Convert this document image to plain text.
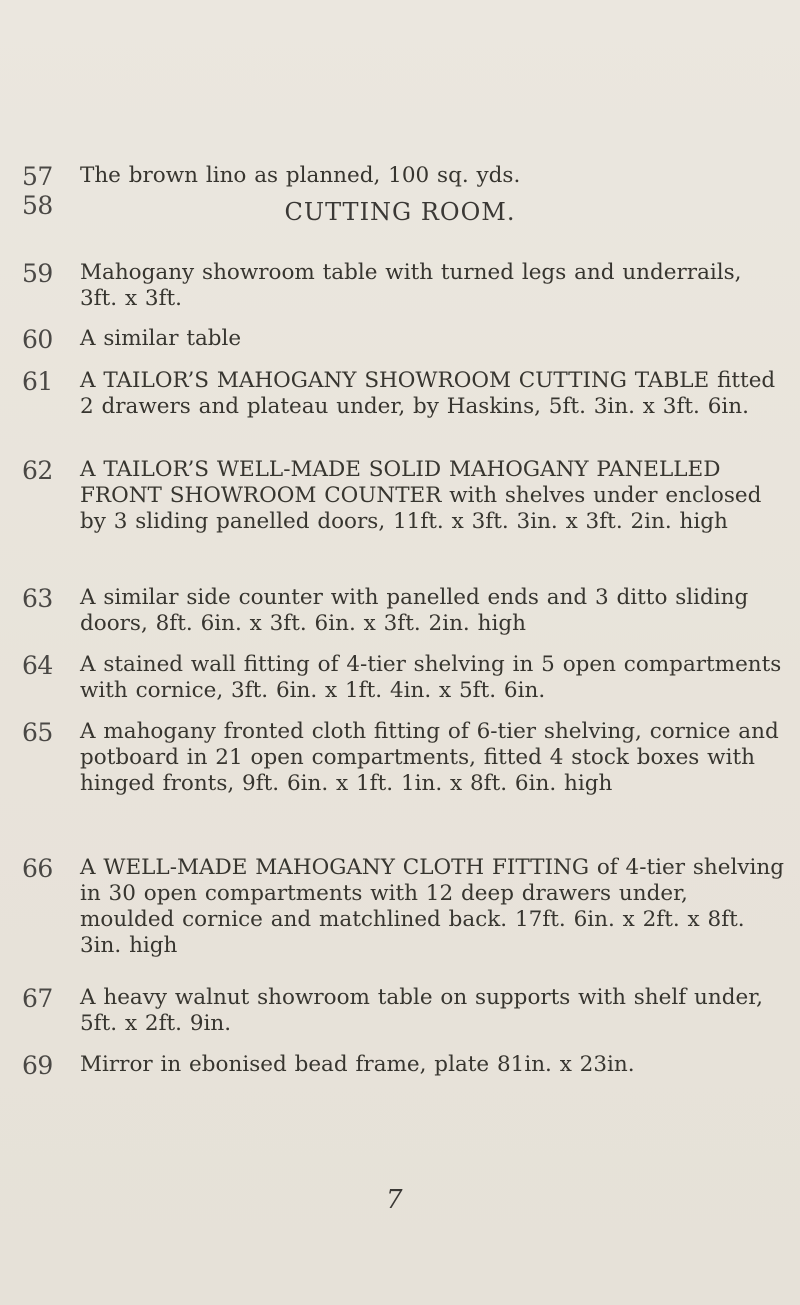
57	The brown lino as planned, 100 sq. yds.
58	CUTTING ROOM.
59	Mahogany showroom table with turned legs and underrails, 3ft. x 3ft.
60	A similar table
61	A TAILOR’S MAHOGANY SHOWROOM CUTTING TABLE fitted 2 drawers and plateau under, by Haskins, 5ft. 3in. x 3ft. 6in.
62	A TAILOR’S WELL-MADE SOLID MAHOGANY PANELLED FRONT SHOWROOM COUNTER with shelves under enclosed by 3 sliding panelled doors, 11ft. x 3ft. 3in. x 3ft. 2in. high
63	A similar side counter with panelled ends and 3 ditto sliding doors, 8ft. 6in. x 3ft. 6in. x 3ft. 2in. high
64	A stained wall fitting of 4-tier shelving in 5 open compartments with cornice, 3ft. 6in. x 1ft. 4in. x 5ft. 6in.
65	A mahogany fronted cloth fitting of 6-tier shelving, cornice and potboard in 21 open compartments, fitted 4 stock boxes with hinged fronts, 9ft. 6in. x 1ft. 1in. x 8ft. 6in. high
66	A WELL-MADE MAHOGANY CLOTH FITTING of 4-tier shelving in 30 open compartments with 12 deep drawers under, moulded cornice and matchlined back. 17ft. 6in. x 2ft. x 8ft. 3in. high
67	A heavy walnut showroom table on supports with shelf under, 5ft. x 2ft. 9in.
69	Mirror in ebonised bead frame, plate 81in. x 23in.
7
